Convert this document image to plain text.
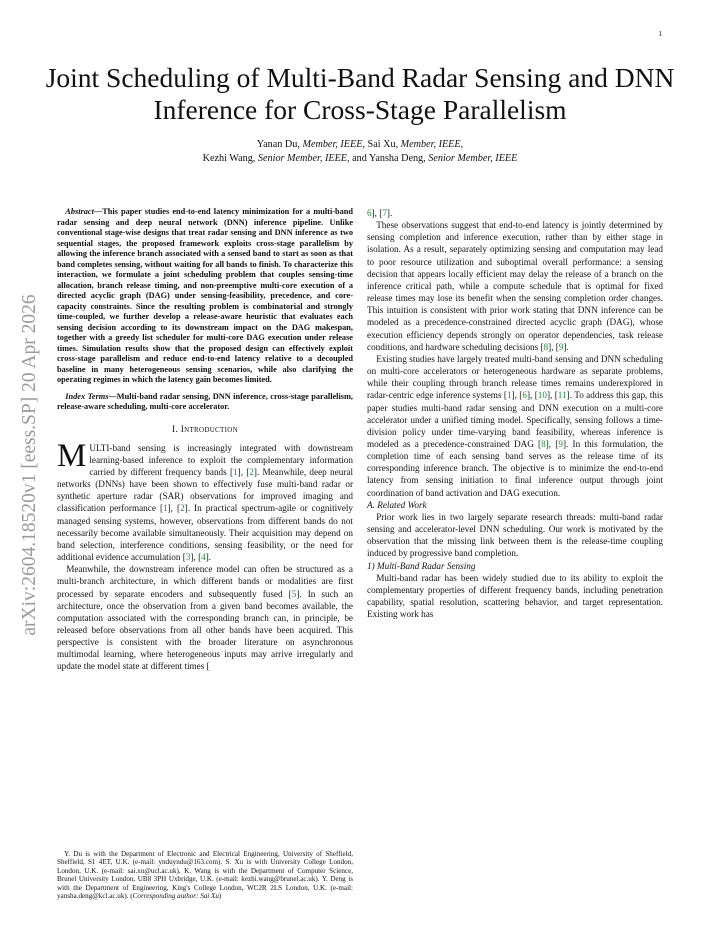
1
arXiv:2604.18520v1 [eess.SP] 20 Apr 2026
Joint Scheduling of Multi-Band Radar Sensing and DNN Inference for Cross-Stage Parallelism
Yanan Du, Member, IEEE, Sai Xu, Member, IEEE,
Kezhi Wang, Senior Member, IEEE, and Yansha Deng, Senior Member, IEEE

Abstract—This paper studies end-to-end latency minimization for a multi-band radar sensing and deep neural network (DNN) inference pipeline. Unlike conventional stage-wise designs that treat radar sensing and DNN inference as two sequential stages, the proposed framework exploits cross-stage parallelism by allowing the inference branch associated with a sensed band to start as soon as that band completes sensing, without waiting for all bands to finish. To characterize this interaction, we formulate a joint scheduling problem that couples sensing-time allocation, branch release timing, and non-preemptive multi-core execution of a directed acyclic graph (DAG) under sensing-feasibility, precedence, and core-capacity constraints. Since the resulting problem is combinatorial and strongly time-coupled, we further develop a release-aware heuristic that evaluates each sensing decision according to its downstream impact on the DAG makespan, together with a greedy list scheduler for multi-core DAG execution under release times. Simulation results show that the proposed design can effectively exploit cross-stage parallelism and reduce end-to-end latency relative to a decoupled baseline in many heterogeneous sensing scenarios, while also clarifying the operating regimes in which the latency gain becomes limited.

Index Terms—Multi-band radar sensing, DNN inference, cross-stage parallelism, release-aware scheduling, multi-core accelerator.

I. Introduction

MULTI-band sensing is increasingly integrated with downstream learning-based inference to exploit the complementary information carried by different frequency bands [1], [2]. Meanwhile, deep neural networks (DNNs) have been shown to effectively fuse multi-band radar or synthetic aperture radar (SAR) observations for improved imaging and classification performance [1], [2]. In practical spectrum-agile or cognitively managed sensing systems, however, observations from different bands do not necessarily become available simultaneously. Their acquisition may depend on band selection, interference conditions, sensing feasibility, or the need for additional evidence accumulation [3], [4].

Meanwhile, the downstream inference model can often be structured as a multi-branch architecture, in which different bands or modalities are first processed by separate encoders and subsequently fused [5]. In such an architecture, once the observation from a given band becomes available, the computation associated with the corresponding branch can, in principle, be released before observations from all other bands have been acquired. This perspective is consistent with the broader literature on asynchronous multimodal learning, where heterogeneous inputs may arrive irregularly and update the model state at different times [

Y. Du is with the Department of Electronic and Electrical Engineering, University of Sheffield, Sheffield, S1 4ET, U.K. (e-mail: ynduyndu@163.com). S. Xu is with University College London, London, U.K. (e-mail: sai.xu@ucl.ac.uk). K. Wang is with the Department of Computer Science, Brunel University London, UB8 3PH Uxbridge, U.K. (e-mail: kezhi.wang@brunel.ac.uk). Y. Deng is with the Department of Engineering, King's College London, WC2R 2LS London, U.K. (e-mail: yansha.deng@kcl.ac.uk). (Corresponding author: Sai Xu)

6], [7].

These observations suggest that end-to-end latency is jointly determined by sensing completion and inference execution, rather than by either stage in isolation. As a result, separately optimizing sensing and computation may lead to poor resource utilization and suboptimal overall performance: a sensing decision that appears locally efficient may delay the release of a branch on the inference critical path, while a compute schedule that is optimal for fixed release times may lose its benefit when the sensing completion order changes. This intuition is consistent with prior work stating that DNN inference can be modeled as a precedence-constrained directed acyclic graph (DAG), whose execution efficiency depends strongly on operator dependencies, task release conditions, and hardware scheduling decisions [8], [9].

Existing studies have largely treated multi-band sensing and DNN scheduling on multi-core accelerators or heterogeneous hardware as separate problems, while their coupling through branch release times remains underexplored in radar-centric edge inference systems [1], [6], [10], [11]. To address this gap, this paper studies multi-band radar sensing and DNN execution on a multi-core accelerator under a unified timing model. Specifically, sensing follows a time-division policy under time-varying band feasibility, whereas inference is modeled as a precedence-constrained DAG [8], [9]. In this formulation, the completion time of each sensing band serves as the release time of its corresponding inference branch. The objective is to minimize the end-to-end latency from sensing initiation to final inference output through joint coordination of band activation and DAG execution.

A. Related Work

Prior work lies in two largely separate research threads: multi-band radar sensing and accelerator-level DNN scheduling. Our work is motivated by the observation that the missing link between them is the release-time coupling induced by progressive band completion.

1) Multi-Band Radar Sensing

Multi-band radar has been widely studied due to its ability to exploit the complementary properties of different frequency bands, including penetration capability, spatial resolution, scattering behavior, and target representation. Existing work has
